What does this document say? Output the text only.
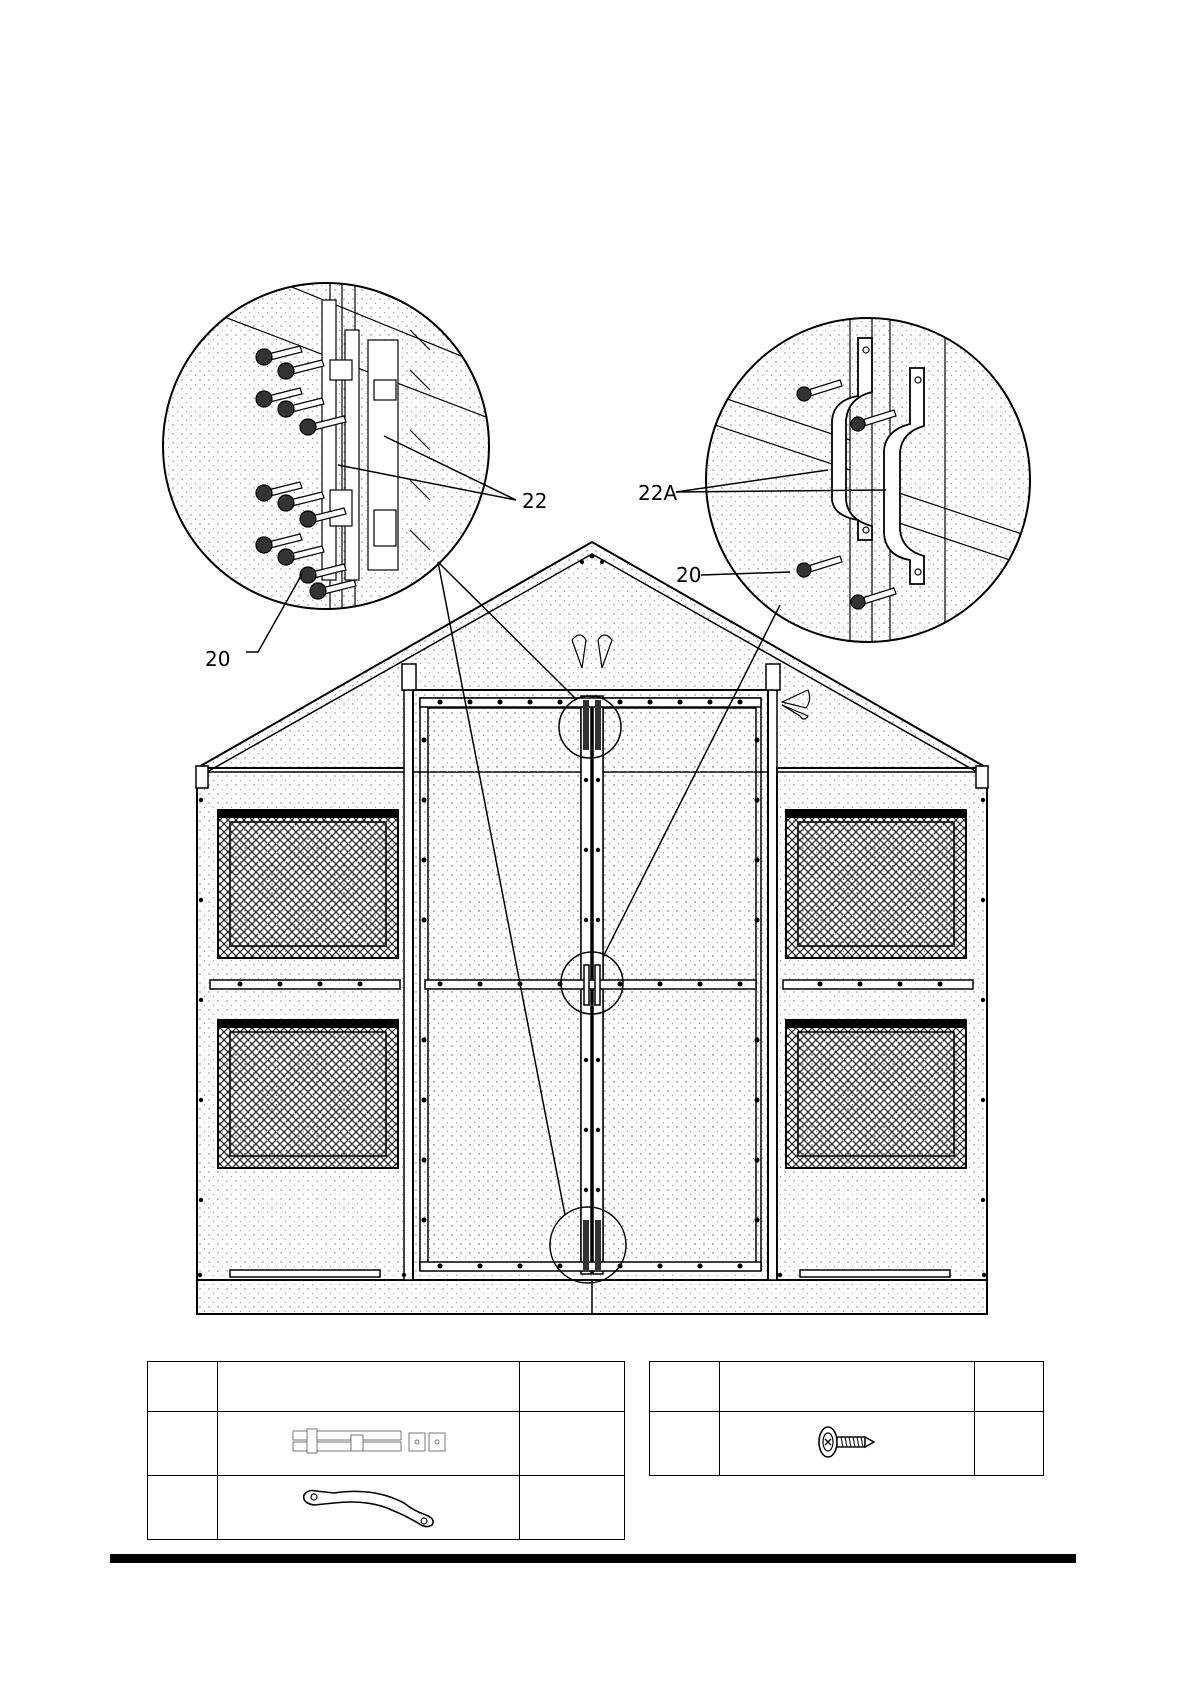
22
20
22A
20
